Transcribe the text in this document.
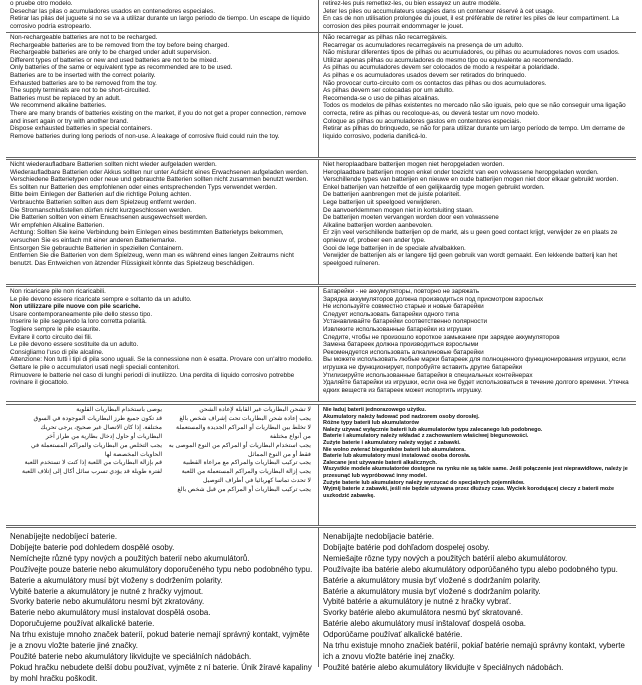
o pruebe otro modelo.

Desechar las pilas o acumuladores usados en contenedores especiales.

Retirar las pilas del juguete si no se va a utilizar durante un largo periodo de tiempo. Un escape de líquido corrosivo podría estropearlo.

retirez-les puis remettez-les, ou bien essayez un autre modèle.

Jeter les piles ou accumulateurs usagées dans un conteneur réservé à cet usage.

En cas de non utilisation prolongée du jouet, il est préférable de retirer les piles de leur compartiment. La corrosion des piles pourrait endommager le jouet.

Non-rechargeable batteries are not to be recharged.

Rechargeable batteries are to be removed from the toy before being charged.

Rechargeable batteries are only to be charged under adult supervision.

Different types of batteries or new and used batteries are not to be mixed.

Only batteries of the same or equivalent type as recommended are to be used.

Batteries are to be inserted with the correct polarity.

Exhausted batteries are to be removed from the toy.

The supply terminals are not to be short-circuited.

Batteries must be replaced by an adult.

We recommend alkaline batteries.

There are many brands of batteries existing on the market, if you do not get a proper connection, remove and insert again or try with another brand.

Dispose exhausted batteries in special containers.

Remove batteries during long periods of non-use. A leakage of corrosive fluid could ruin the toy.

Não recarregar as pilhas não recarregáveis.

Recarregar os acumuladores recarregáveis na presença de um adulto.

Não misturar diferentes tipos de pilhas ou acumuladores, ou pilhas ou acumuladores novos com usados.

Utilizar apenas pilhas ou acumuladores do mesmo tipo ou equivalente ao recomendado.

As pilhas ou acumuladores devem ser colocados de modo a respeitar a polaridade.

As pilhas e os acumuladores usados devem ser retirados do brinquedo.

Não provocar curto-circuito com os contactos das pilhas ou dos acumuladores.

As pilhas devem ser colocadas por um adulto.

Recomenda-se o uso de pilhas alcalinas.

Todos os modelos de pilhas existentes no mercado não são iguais, pelo que se não conseguir uma ligação correcta, retire as pilhas ou recoloque-as, ou deverá testar um novo modelo.

Coloque as pilhas ou acumuladores gastos em contentores especiais.

Retirar as pilhas do brinquedo, se não for para utilizar durante um largo período de tempo. Um derrame de líquido corrosivo, poderia danificá-lo.

Nicht wiederaufladbare Batterien sollten nicht wieder aufgeladen werden.

Wiederaufladbare Batterien oder Akkus sollten nur unter Aufsicht eines Erwachsenen aufgeladen werden.

Verschiedene Batterietypen oder neue und gebrauchte Batterien sollten nicht zusammen benutzt werden.

Es sollten nur Batterien des empfohlenen oder eines entsprechenden Typs verwendet werden.

Bitte beim Einlegen der Batterien auf die richtige Polung achten.

Verbrauchte Batterien sollten aus dem Spielzeug entfernt werden.

Die Stromanschlußstellen dürfen nicht kurzgeschlossen werden.

Die Batterien sollten von einem Erwachsenen ausgewechselt werden.

Wir empfehlen Alkaline Batterien.

Achtung: Sollten Sie keine Verbindung beim Einlegen eines bestimmten Batterietyps bekommen, versuchen Sie es einfach mit einer anderen Batteriemarke.

Entsorgen Sie gebrauchte Batterien in speziellen Containern.

Entfernen Sie die Batterien von dem Spielzeug, wenn man es während eines langen Zeitraums nicht benutzt. Das Entweichen von ätzender Flüssigkeit könnte das Spielzeug beschädigen.

Niet heroplaadbare batterijen mogen niet heropgeladen worden.

Heroplaadbare batterijen mogen enkel onder toezicht van een volwassene heropgeladen worden.

Verschillende types van batterijen en nieuwe en oude batterijen mogen niet door elkaar gebruikt worden.

Enkel batterijen van hetzelfde of een gelijkaardig type mogen gebruikt worden.

De batterijen aanbrengen met de juiste polariteit.

Lege batterijen uit speelgoed verwijderen.

De aanvoerklemmen mogen niet in kortsluiting staan.

De batterijen moeten vervangen worden door een volwassene

Alkaline batterijen worden aanbevolen.

Er zijn veel verschillende batterijen op de markt, als u geen goed contact krijgt, verwijder ze en plaats ze opnieuw of, probeer een ander type.

Gooi de lege batterijen in de speciale afvalbakken.

Verwijder de batterijen als er langere tijd geen gebruik van wordt gemaakt. Een lekkende batterij kan het speelgoed ruïneren.

Non ricaricare pile non ricaricabili.

Le pile devono essere ricaricate sempre e soltanto da un adulto.

Non utilizzare pile nuove con pile scariche.

Usare contemporaneamente pile dello stesso tipo.

Inserire le pile seguendo la loro corretta polarità.

Togliere sempre le pile esaurite.

Evitare il corto circuito dei fili.

Le pile devono essere sostituite da un adulto.

Consigliamo l'uso di pile alcaline.

Attenzione: Non tutti i tipi di pila sono uguali. Se la connessione non è esatta. Provare con un'altro modello.

Gettare le pile o accumulatori usati negli speciali contenitori.

Rimuovere le batterie nel caso di lunghi periodi di inutilizzo. Una perdita di liquido corrosivo potrebbe rovinare il giocattolo.

Батарейки - не аккумуляторы, повторно не заряжать

Зарядка аккумуляторов должна производиться под присмотром взрослых

Не используйте совместно старые и новые батарейки

Следует использовать батарейки одного типа

Устанавливайте батарейки соответственно полярности

Извлеките использованные батарейки из игрушки

Следите, чтобы не произошло короткое замыкание при зарядке аккумуляторов

Замена батареек должна производиться взрослыми

Рекомендуется использовать алкалиновые батарейки

Вы можете использовать любые марки батареек для полноценного функционирования игрушки, если игрушка не функционирует, попробуйте вставить другие батарейки

Утилизируйте использованные батарейки в специальных контейнерах

Удаляйте батарейки из игрушки, если она не будет использоваться в течение долгого времени. Утечка едких веществ из батареек может испортить игрушку.

لا تشحن البطاريات غير القابلة لإعادة الشحن

يجب إعادة شحن البطاريات تحت إشراف شخص بالغ

لا تخلط بين البطاريات أو المراكم الجديدة والمستعملة من أنواع مختلفة

يجب استخدام البطاريات أو المراكم من النوع الموصى به فقط أو من النوع المماثل

يجب تركيب البطاريات والمراكم مع مراعاة القطبية

يجب إزالة البطاريات والمراكم المستعملة من اللعبة

لا تحدث تماسا كهربائيا في أطراف التوصيل

يجب تركيب البطاريات أو المراكم من قبل شخص بالغ

يوصى باستخدام البطاريات القلوية

قد تكون جميع طرز البطاريات الموجودة في السوق مختلفة. إذا كان الاتصال غير صحيح، يرجى تحريك البطاريات أو حاول إدخال بطارية من طراز آخر

يجب التخلص من البطاريات والمراكم المستعملة في الحاويات المخصصة لها

قم بإزالة البطاريات من اللعبة إذا كنت لا تستخدم اللعبة لفترة طويلة قد يؤدي تسرب سائل أكال إلى إتلاف اللعبة

Nie ładuj baterii jednorazowego użytku.

Akumulatory należy ładować pod nadzorem osoby dorosłej.

Różne typy baterii lub akumulatorów

Należy używać wyłącznie baterii lub akumulatorów typu zalecanego lub podobnego.

Baterie i akumulatory należy wkładać z zachowaniem właściwej biegunowości.

Zużyte baterie i akumulatory należy wyjąć z zabawki.

Nie wolno zwierać bieguników baterii lub akumulatora.

Baterie lub akumulatory musi instalować osoba dorosła.

Zalecane jest używanie baterii alkalicznych.

Wszystkie modele akumulatorów dostępne na rynku nie są takie same. Jeśli połączenie jest nieprawidłowe, należy je przesunąć lub wypróbować inny model.

Zużyte baterie lub akumulatory należy wyrzucać do specjalnych pojemników.

Wyjmij baterie z zabawki, jeśli nie będzie używana przez dłuższy czas. Wyciek korodującej cieczy z baterii może uszkodzić zabawkę.

Nenabíjejte nedobíjecí baterie.

Dobíjejte baterie pod dohledem dospělé osoby.

Nemíchejte různé typy nových a použitých baterií nebo akumulátorů.

Používejte pouze baterie nebo akumulátory doporučeného typu nebo podobného typu.

Baterie a akumulátory musí být vloženy s dodržením polarity.

Vybité baterie a akumulátory je nutné z hračky vyjmout.

Svorky baterie nebo akumulátoru nesmí být zkratovány.

Baterie nebo akumulátory musí instalovat dospělá osoba.

Doporučujeme používat alkalické baterie.

Na trhu existuje mnoho značek baterií, pokud baterie nemají správný kontakt, vyjměte je a znovu vložte baterie jiné značky.

Použité baterie nebo akumulátory likvidujte ve speciálních nádobách.

Pokud hračku nebudete delší dobu používat, vyjměte z ní baterie. Únik žíravé kapaliny by mohl hračku poškodit.

Nenabíjajte nedobíjacie batérie.

Dobíjajte batérie pod dohľadom dospelej osoby.

Nemiešajte rôzne typy nových a použitých batérií alebo akumulátorov.

Používajte iba batérie alebo akumulátory odporúčaného typu alebo podobného typu.

Batérie a akumulátory musia byť vložené s dodržaním polarity.

Batérie a akumulátory musia byť vložené s dodržaním polarity.

Vybité batérie a akumulátory je nutné z hračky vybrať.

Svorky batérie alebo akumulátora nesmú byť skratované.

Batérie alebo akumulátory musí inštalovať dospelá osoba.

Odporúčame používať alkalické batérie.

Na trhu existuje mnoho značiek batérií, pokiaľ batérie nemajú správny kontakt, vyberte ich a znovu vložte batérie inej značky.

Použité batérie alebo akumulátory likvidujte v špeciálnych nádobách.
